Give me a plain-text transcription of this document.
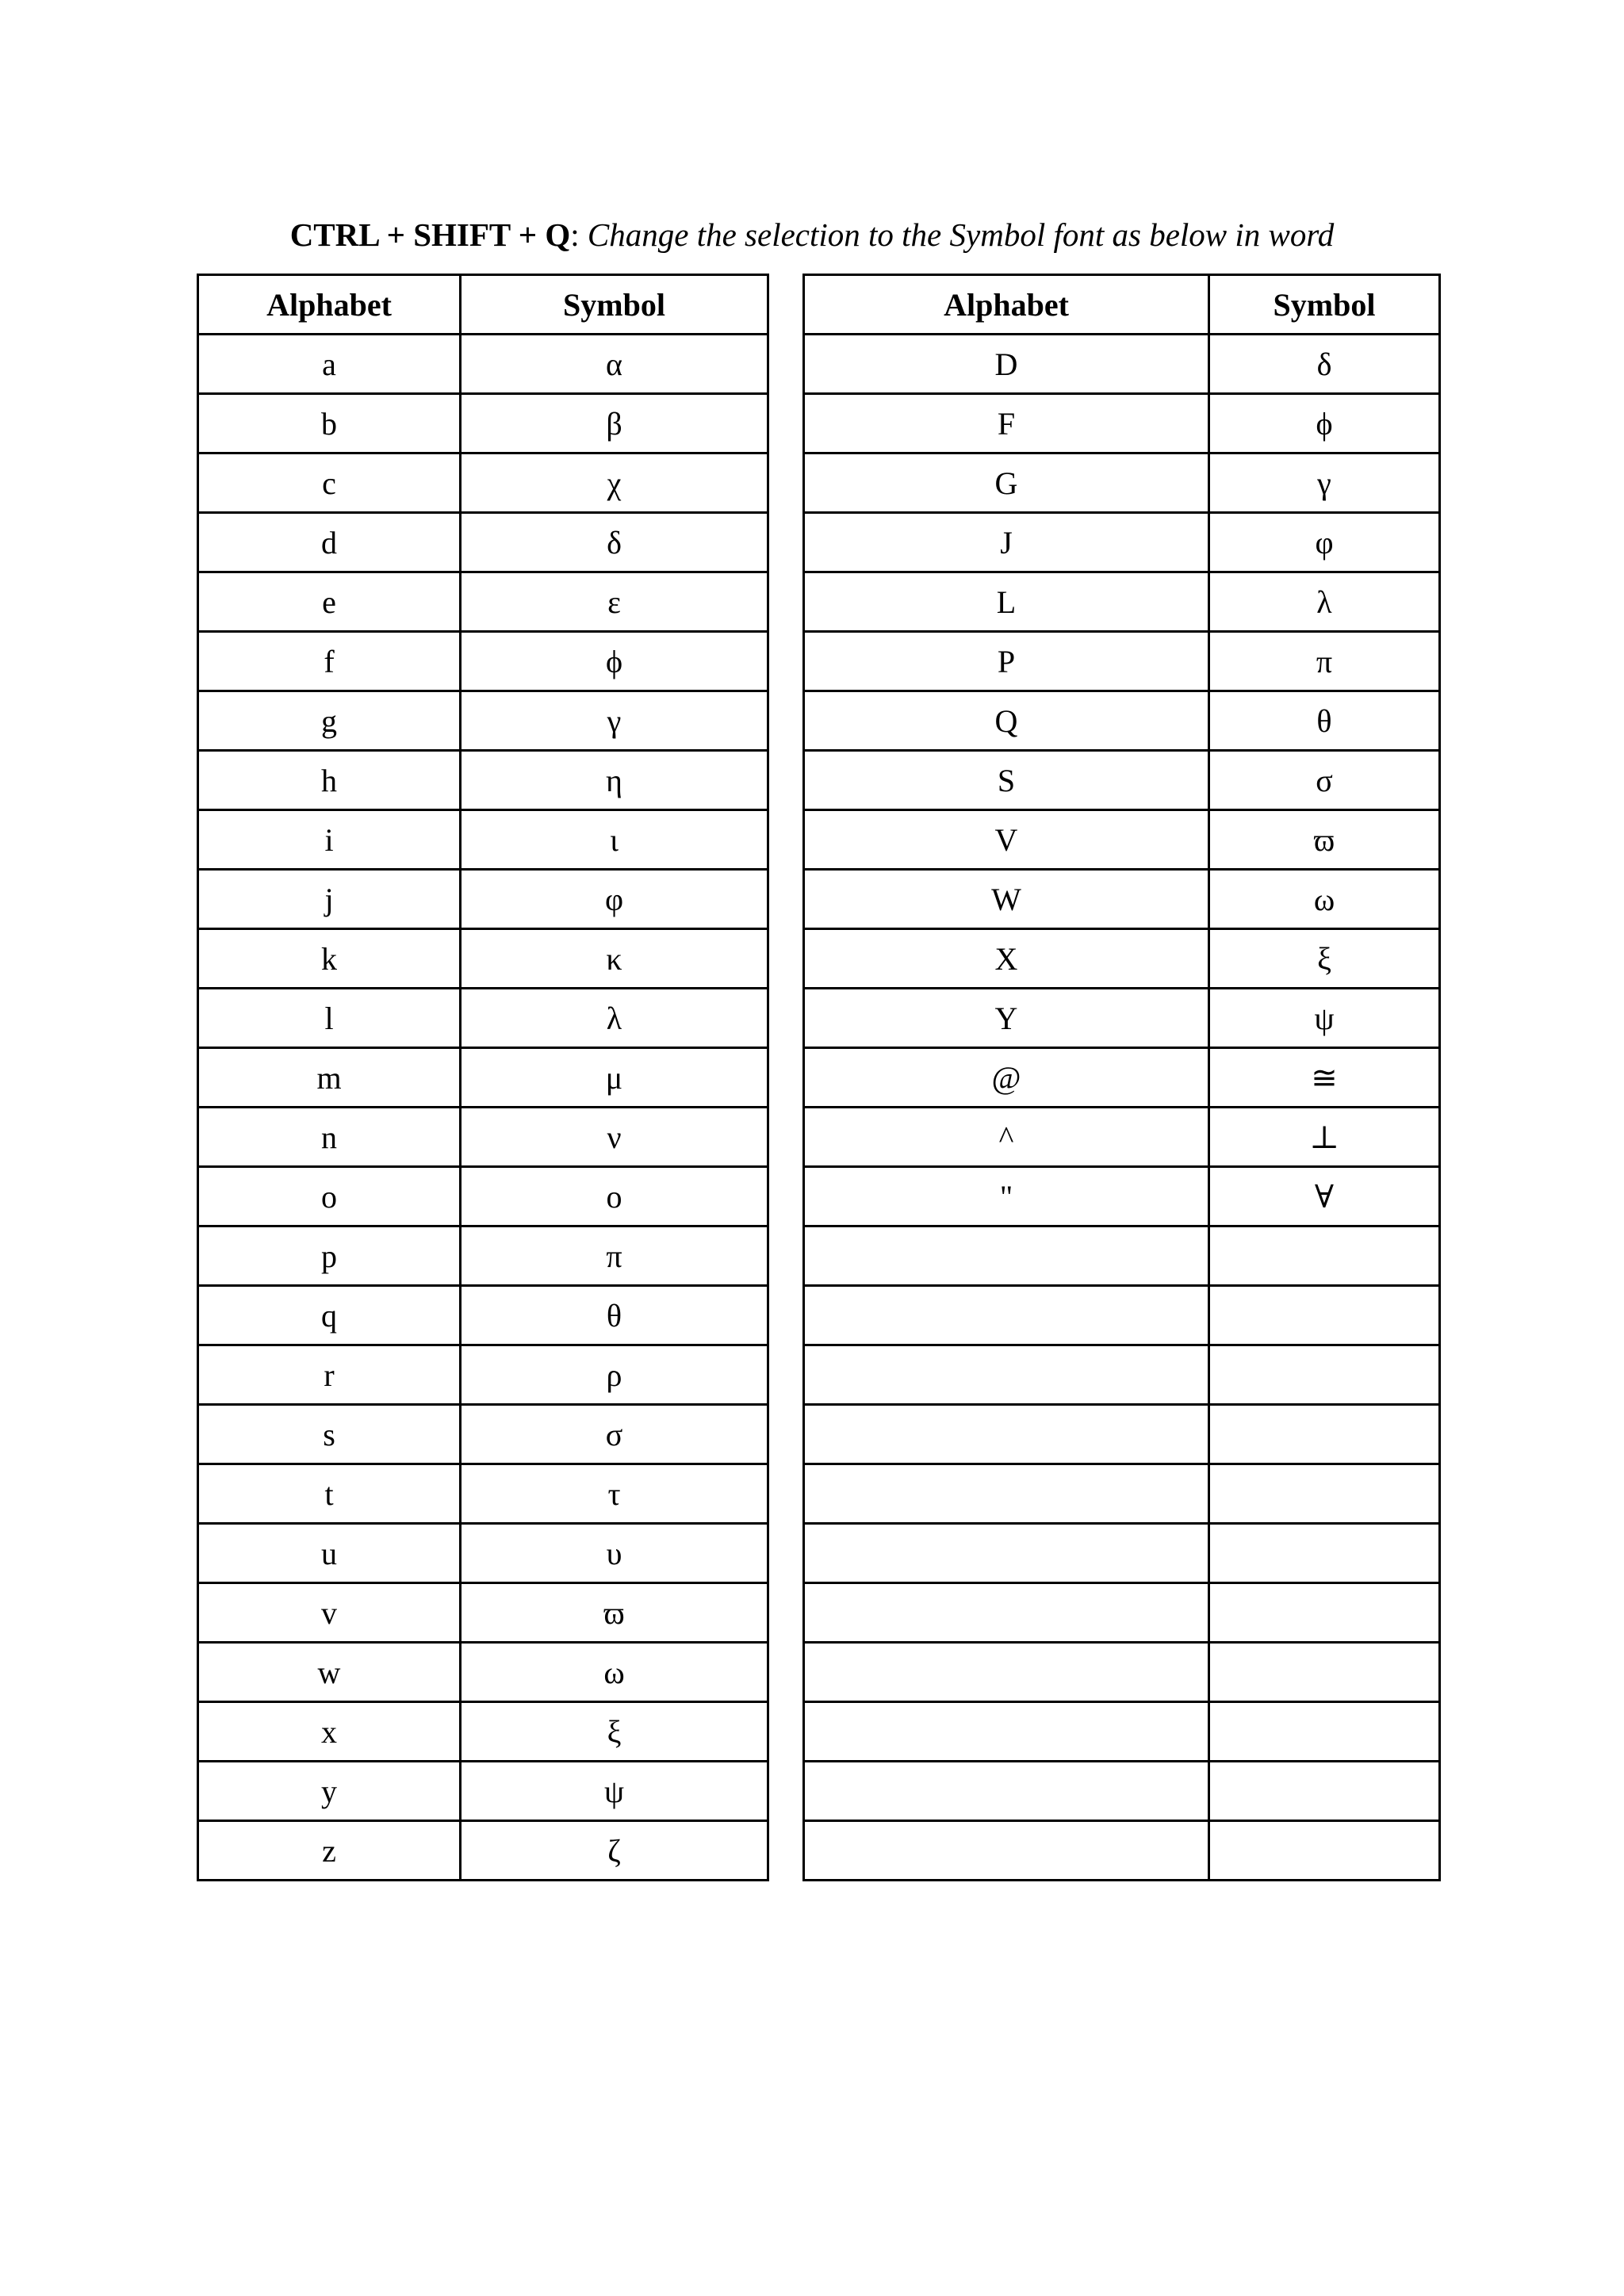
CTRL + SHIFT + Q: Change the selection to the Symbol font as below in word
Alphabet	Symbol		Alphabet	Symbol
a	α		D	δ
b	β		F	ϕ
c	χ		G	γ
d	δ		J	φ
e	ε		L	λ
f	ϕ		P	π
g	γ		Q	θ
h	η		S	σ
i	ι		V	ϖ
j	φ		W	ω
k	κ		X	ξ
l	λ		Y	ψ
m	μ		@	≅
n	ν		^	⊥
o	ο		"	∀
p	π			
q	θ			
r	ρ			
s	σ			
t	τ			
u	υ			
v	ϖ			
w	ω			
x	ξ			
y	ψ			
z	ζ			
